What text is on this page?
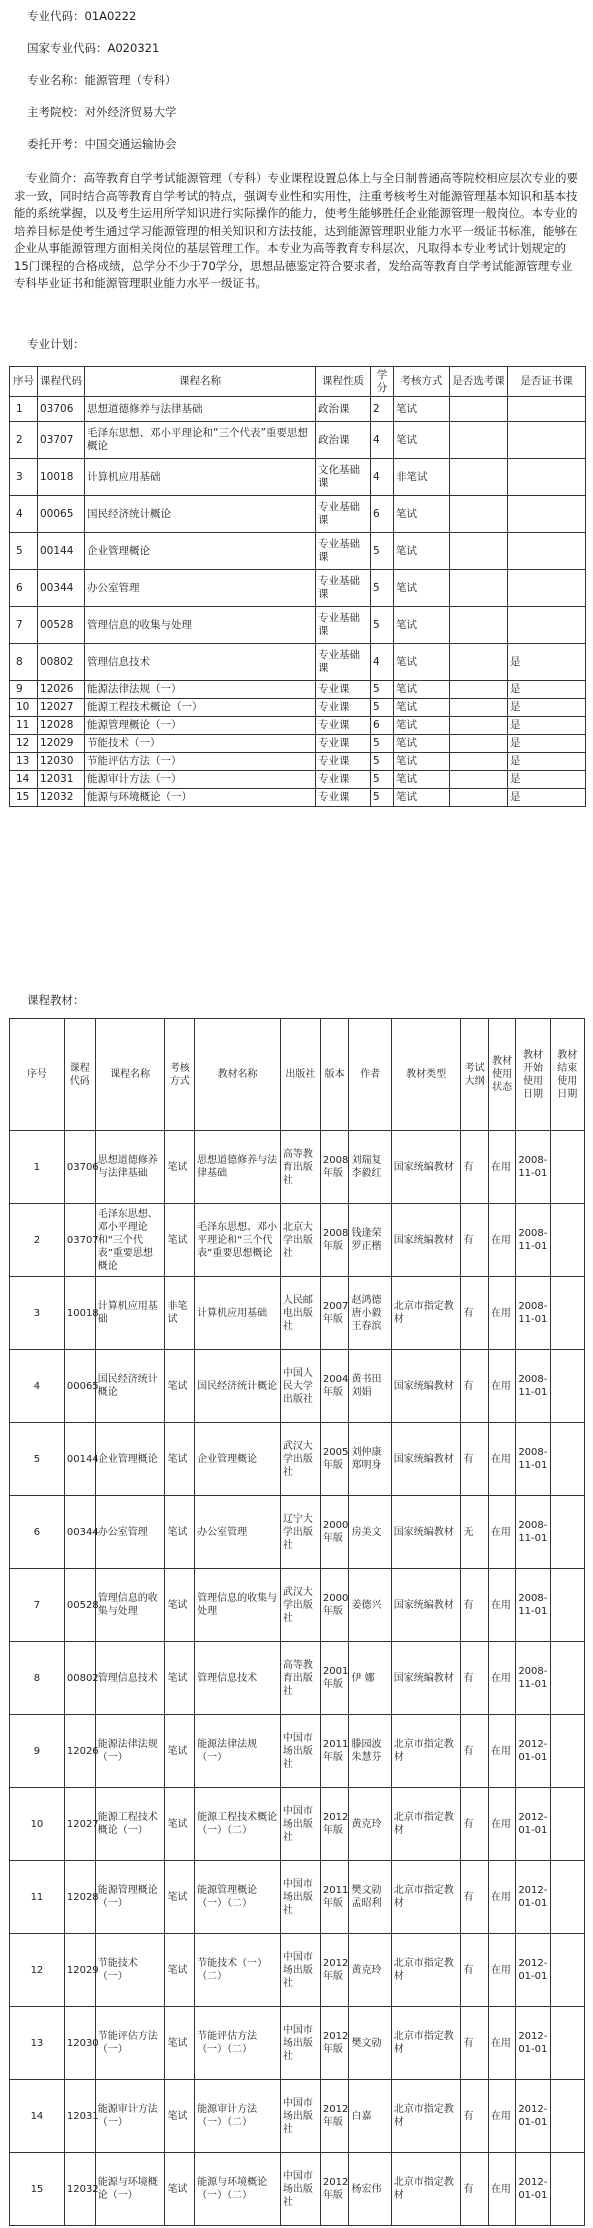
专业代码：01A0222
国家专业代码：A020321
专业名称：能源管理（专科）
主考院校：对外经济贸易大学
委托开考：中国交通运输协会
专业简介：高等教育自学考试能源管理（专科）专业课程设置总体上与全日制普通高等院校相应层次专业的要求一致，同时结合高等教育自学考试的特点，强调专业性和实用性，注重考核考生对能源管理基本知识和基本技能的系统掌握，以及考生运用所学知识进行实际操作的能力，使考生能够胜任企业能源管理一般岗位。本专业的培养目标是使考生通过学习能源管理的相关知识和方法技能，达到能源管理职业能力水平一级证书标准，能够在企业从事能源管理方面相关岗位的基层管理工作。本专业为高等教育专科层次，凡取得本专业考试计划规定的15门课程的合格成绩，总学分不少于70学分，思想品德鉴定符合要求者，发给高等教育自学考试能源管理专业专科毕业证书和能源管理职业能力水平一级证书。
专业计划：
序号	课程代码	课程名称	课程性质	学分	考核方式	是否选考课	是否证书课
1	03706	思想道德修养与法律基础	政治课	2	笔试		
2	03707	毛泽东思想、邓小平理论和“三个代表”重要思想概论	政治课	4	笔试		
3	10018	计算机应用基础	文化基础课	4	非笔试		
4	00065	国民经济统计概论	专业基础课	6	笔试		
5	00144	企业管理概论	专业基础课	5	笔试		
6	00344	办公室管理	专业基础课	5	笔试		
7	00528	管理信息的收集与处理	专业基础课	5	笔试		
8	00802	管理信息技术	专业基础课	4	笔试		是
9	12026	能源法律法规（一）	专业课	5	笔试		是
10	12027	能源工程技术概论（一）	专业课	5	笔试		是
11	12028	能源管理概论（一）	专业课	6	笔试		是
12	12029	节能技术（一）	专业课	5	笔试		是
13	12030	节能评估方法（一）	专业课	5	笔试		是
14	12031	能源审计方法（一）	专业课	5	笔试		是
15	12032	能源与环境概论（一）	专业课	5	笔试		是
课程教材：
序号	课程代码	课程名称	考核方式	教材名称	出版社	版本	作者	教材类型	考试大纲	教材使用状态	教材开始使用日期	教材结束使用日期
1	03706	思想道德修养与法律基础	笔试	思想道德修养与法律基础	高等教育出版社	2008年版	刘瑞复 李毅红	国家统编教材	有	在用	2008-11-01	
2	03707	毛泽东思想、邓小平理论和“三个代表”重要思想概论	笔试	毛泽东思想、邓小平理论和“三个代表”重要思想概论	北京大学出版社	2008年版	钱逢荣 罗正楷	国家统编教材	有	在用	2008-11-01	
3	10018	计算机应用基础	非笔试	计算机应用基础	人民邮电出版社	2007年版	赵鸿德 唐小毅 王春滨	北京市指定教材	有	在用	2008-11-01	
4	00065	国民经济统计概论	笔试	国民经济统计概论	中国人民大学出版社	2004年版	黄书田 刘娟	国家统编教材	有	在用	2008-11-01	
5	00144	企业管理概论	笔试	企业管理概论	武汉大学出版社	2005年版	刘仲康 郑明身	国家统编教材	有	在用	2008-11-01	
6	00344	办公室管理	笔试	办公室管理	辽宁大学出版社	2000年版	房美文	国家统编教材	无	在用	2008-11-01	
7	00528	管理信息的收集与处理	笔试	管理信息的收集与处理	武汉大学出版社	2000年版	姜德兴	国家统编教材	有	在用	2008-11-01	
8	00802	管理信息技术	笔试	管理信息技术	高等教育出版社	2001年版	伊 娜	国家统编教材	有	在用	2008-11-01	
9	12026	能源法律法规（一）	笔试	能源法律法规（一）	中国市场出版社	2011年版	滕园波 朱慧芬	北京市指定教材	有	在用	2012-01-01	
10	12027	能源工程技术概论（一）	笔试	能源工程技术概论（一）（二）	中国市场出版社	2012年版	黄克玲	北京市指定教材	有	在用	2012-01-01	
11	12028	能源管理概论（一）	笔试	能源管理概论（一）（二）	中国市场出版社	2011年版	樊文勍 孟昭利	北京市指定教材	有	在用	2012-01-01	
12	12029	节能技术（一）	笔试	节能技术（一）（二）	中国市场出版社	2012年版	黄克玲	北京市指定教材	有	在用	2012-01-01	
13	12030	节能评估方法（一）	笔试	节能评估方法（一）（二）	中国市场出版社	2012年版	樊文勍	北京市指定教材	有	在用	2012-01-01	
14	12031	能源审计方法（一）	笔试	能源审计方法（一）（二）	中国市场出版社	2012年版	白嘉	北京市指定教材	有	在用	2012-01-01	
15	12032	能源与环境概论（一）	笔试	能源与环境概论（一）（二）	中国市场出版社	2012年版	杨宏伟	北京市指定教材	有	在用	2012-01-01	
